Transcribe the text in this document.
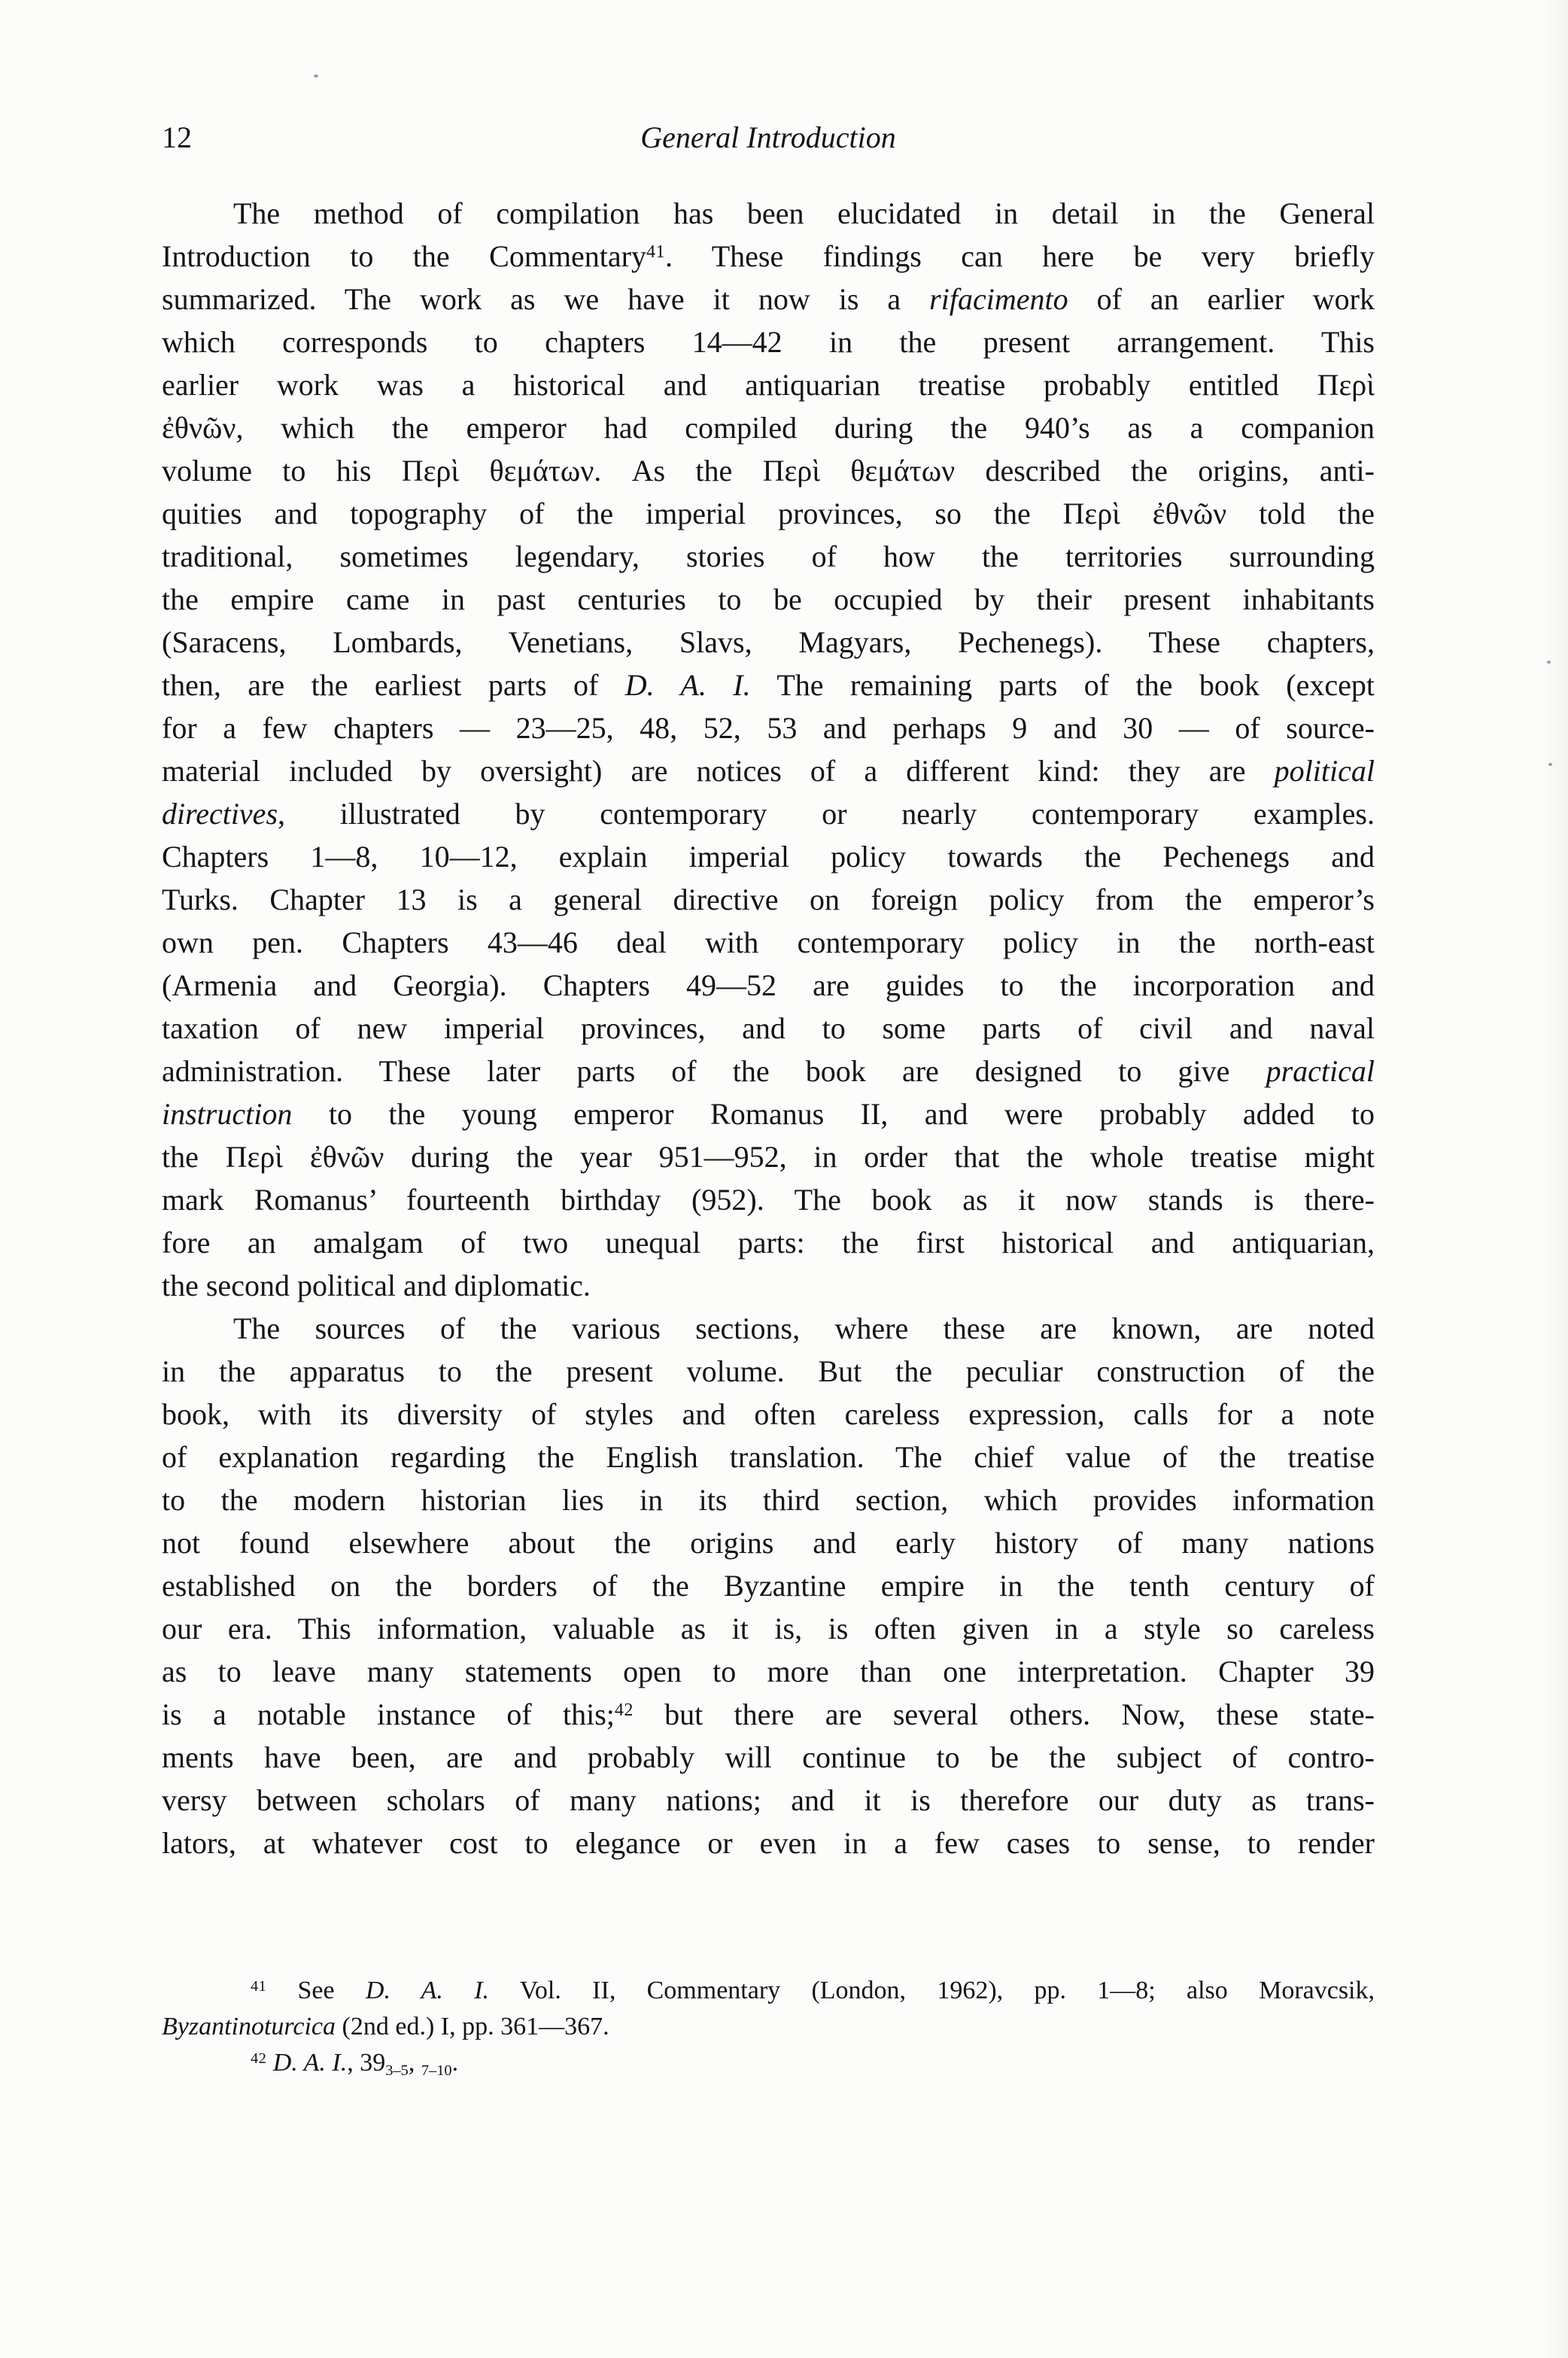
12	General Introduction
The method of compilation has been elucidated in detail in the General
Introduction to the Commentary$^{41}$. These findings can here be very briefly
summarized. The work as we have it now is a rifacimento of an earlier work
which corresponds to chapters 14—42 in the present arrangement. This
earlier work was a historical and antiquarian treatise probably entitled Περὶ
ἐθνῶν, which the emperor had compiled during the 940’s as a companion
volume to his Περὶ θεμάτων. As the Περὶ θεμάτων described the origins, anti-
quities and topography of the imperial provinces, so the Περὶ ἐθνῶν told the
traditional, sometimes legendary, stories of how the territories surrounding
the empire came in past centuries to be occupied by their present inhabitants
(Saracens, Lombards, Venetians, Slavs, Magyars, Pechenegs). These chapters,
then, are the earliest parts of D. A. I. The remaining parts of the book (except
for a few chapters — 23—25, 48, 52, 53 and perhaps 9 and 30 — of source-
material included by oversight) are notices of a different kind: they are political
directives, illustrated by contemporary or nearly contemporary examples.
Chapters 1—8, 10—12, explain imperial policy towards the Pechenegs and
Turks. Chapter 13 is a general directive on foreign policy from the emperor’s
own pen. Chapters 43—46 deal with contemporary policy in the north-east
(Armenia and Georgia). Chapters 49—52 are guides to the incorporation and
taxation of new imperial provinces, and to some parts of civil and naval
administration. These later parts of the book are designed to give practical
instruction to the young emperor Romanus II, and were probably added to
the Περὶ ἐθνῶν during the year 951—952, in order that the whole treatise might
mark Romanus’ fourteenth birthday (952). The book as it now stands is there-
fore an amalgam of two unequal parts: the first historical and antiquarian,
the second political and diplomatic.
The sources of the various sections, where these are known, are noted
in the apparatus to the present volume. But the peculiar construction of the
book, with its diversity of styles and often careless expression, calls for a note
of explanation regarding the English translation. The chief value of the treatise
to the modern historian lies in its third section, which provides information
not found elsewhere about the origins and early history of many nations
established on the borders of the Byzantine empire in the tenth century of
our era. This information, valuable as it is, is often given in a style so careless
as to leave many statements open to more than one interpretation. Chapter 39
is a notable instance of this;$^{42}$ but there are several others. Now, these state-
ments have been, are and probably will continue to be the subject of contro-
versy between scholars of many nations; and it is therefore our duty as trans-
lators, at whatever cost to elegance or even in a few cases to sense, to render
$^{41}$ See D. A. I. Vol. II, Commentary (London, 1962), pp. 1—8; also Moravcsik,
Byzantinoturcica (2nd ed.) I, pp. 361—367.
$^{42}$ D. A. I., 393–5, 7–10.
